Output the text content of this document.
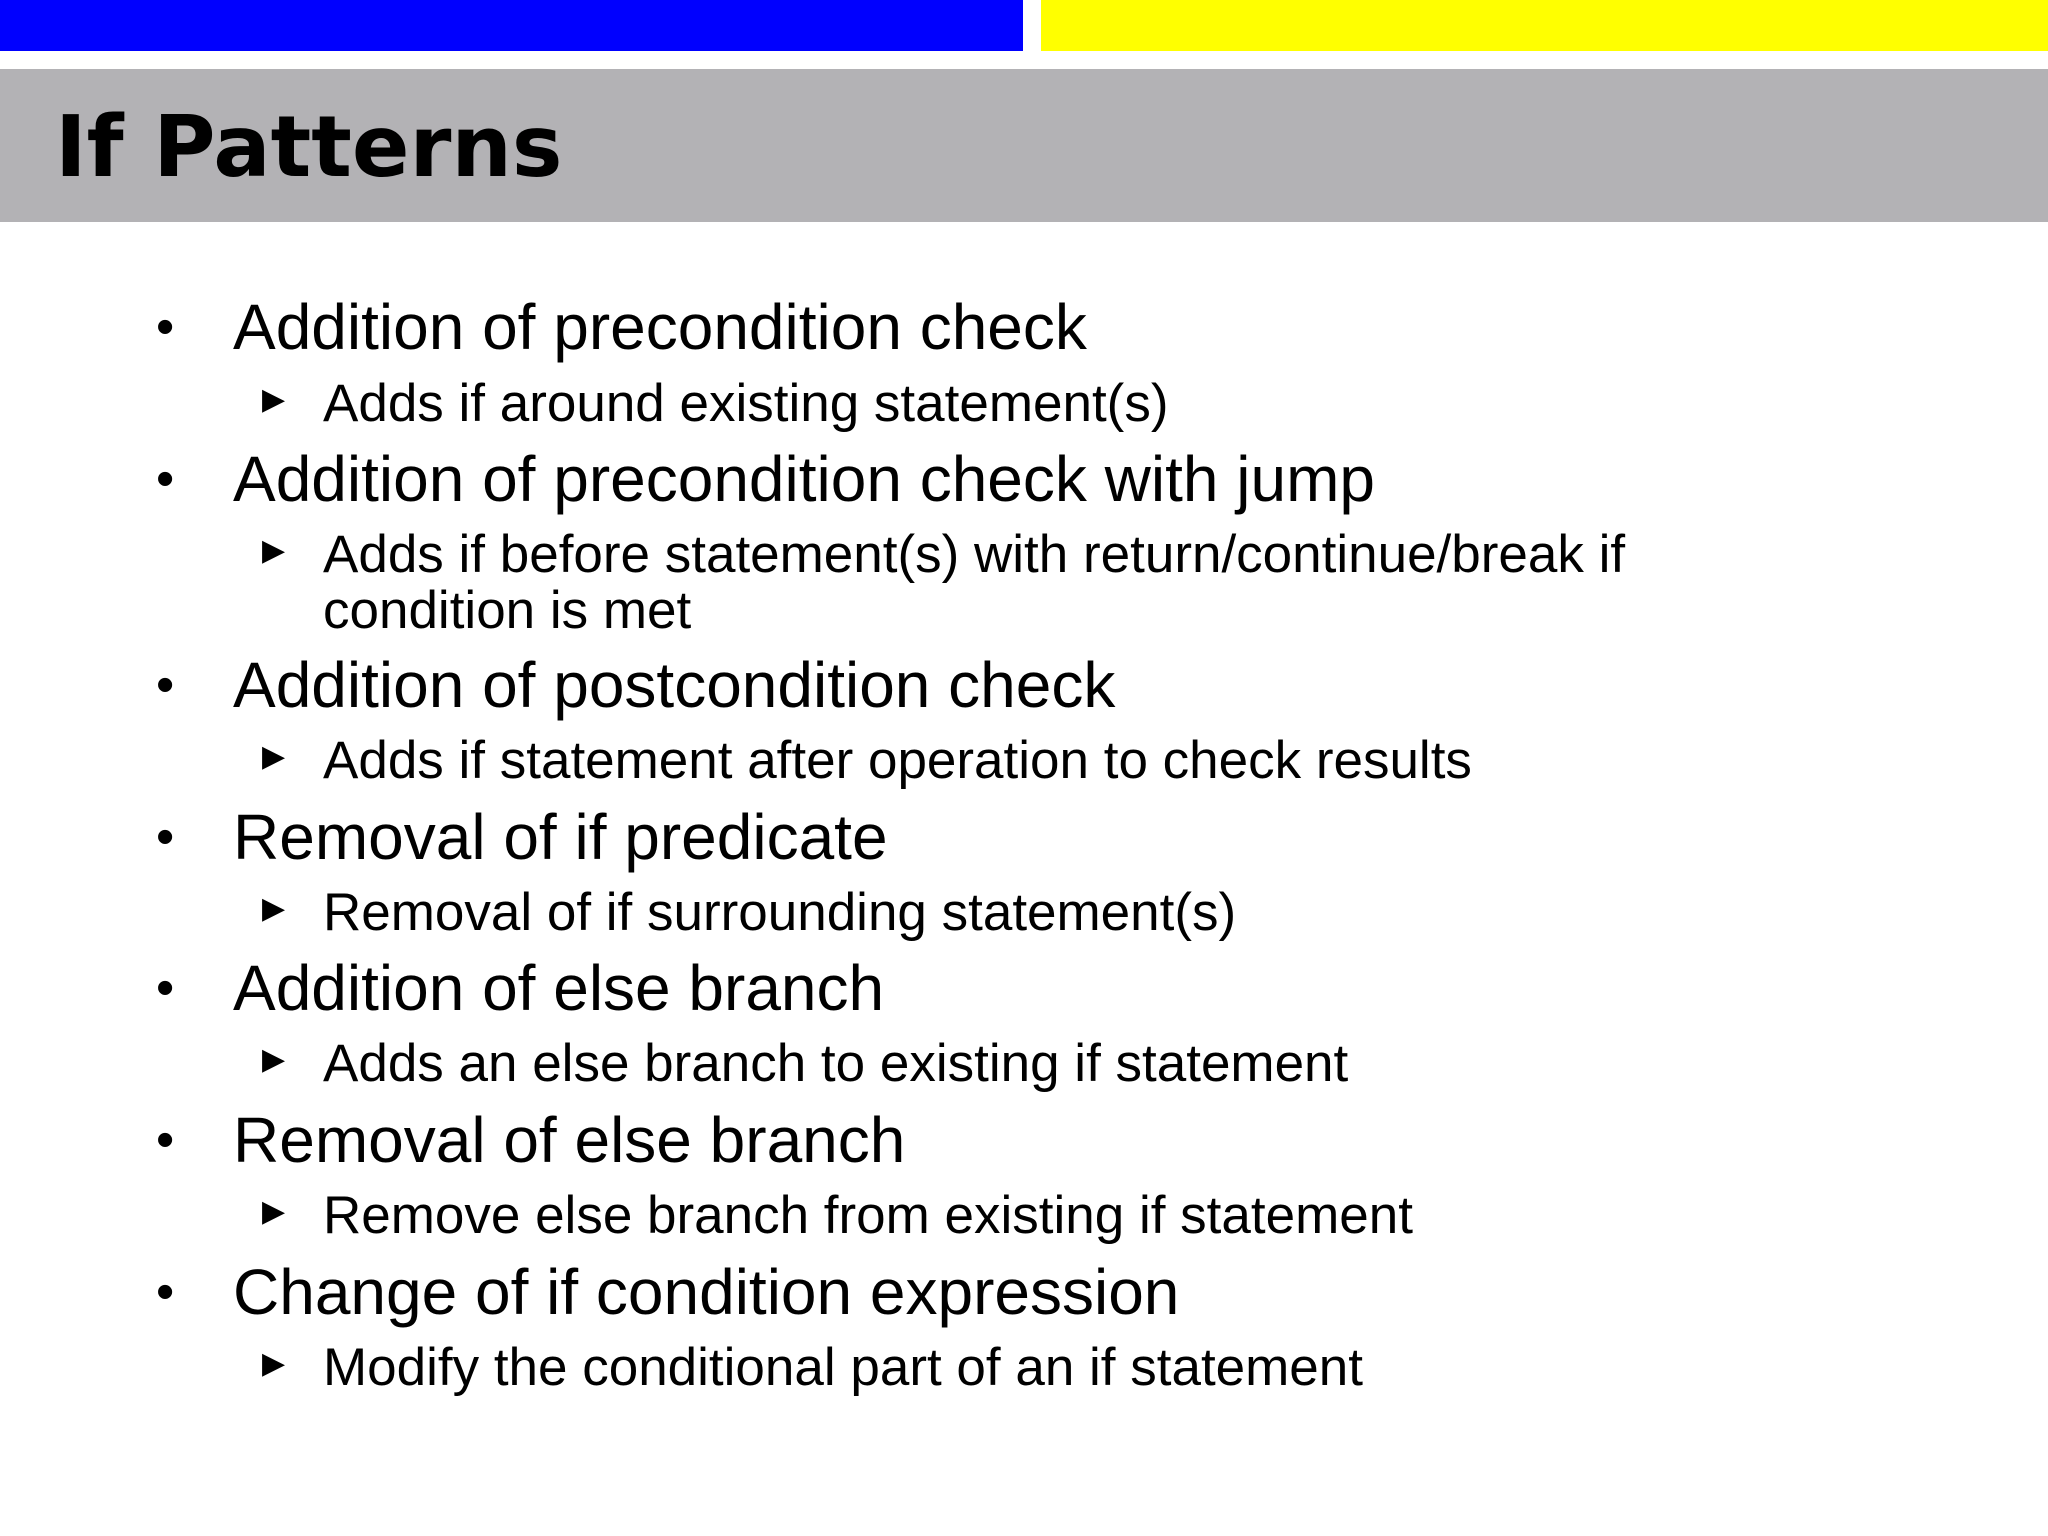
If Patterns
• Addition of precondition check
▶ Adds if around existing statement(s)
• Addition of precondition check with jump
▶ Adds if before statement(s) with return/continue/break if condition is met
• Addition of postcondition check
▶ Adds if statement after operation to check results
• Removal of if predicate
▶ Removal of if surrounding statement(s)
• Addition of else branch
▶ Adds an else branch to existing if statement
• Removal of else branch
▶ Remove else branch from existing if statement
• Change of if condition expression
▶ Modify the conditional part of an if statement
